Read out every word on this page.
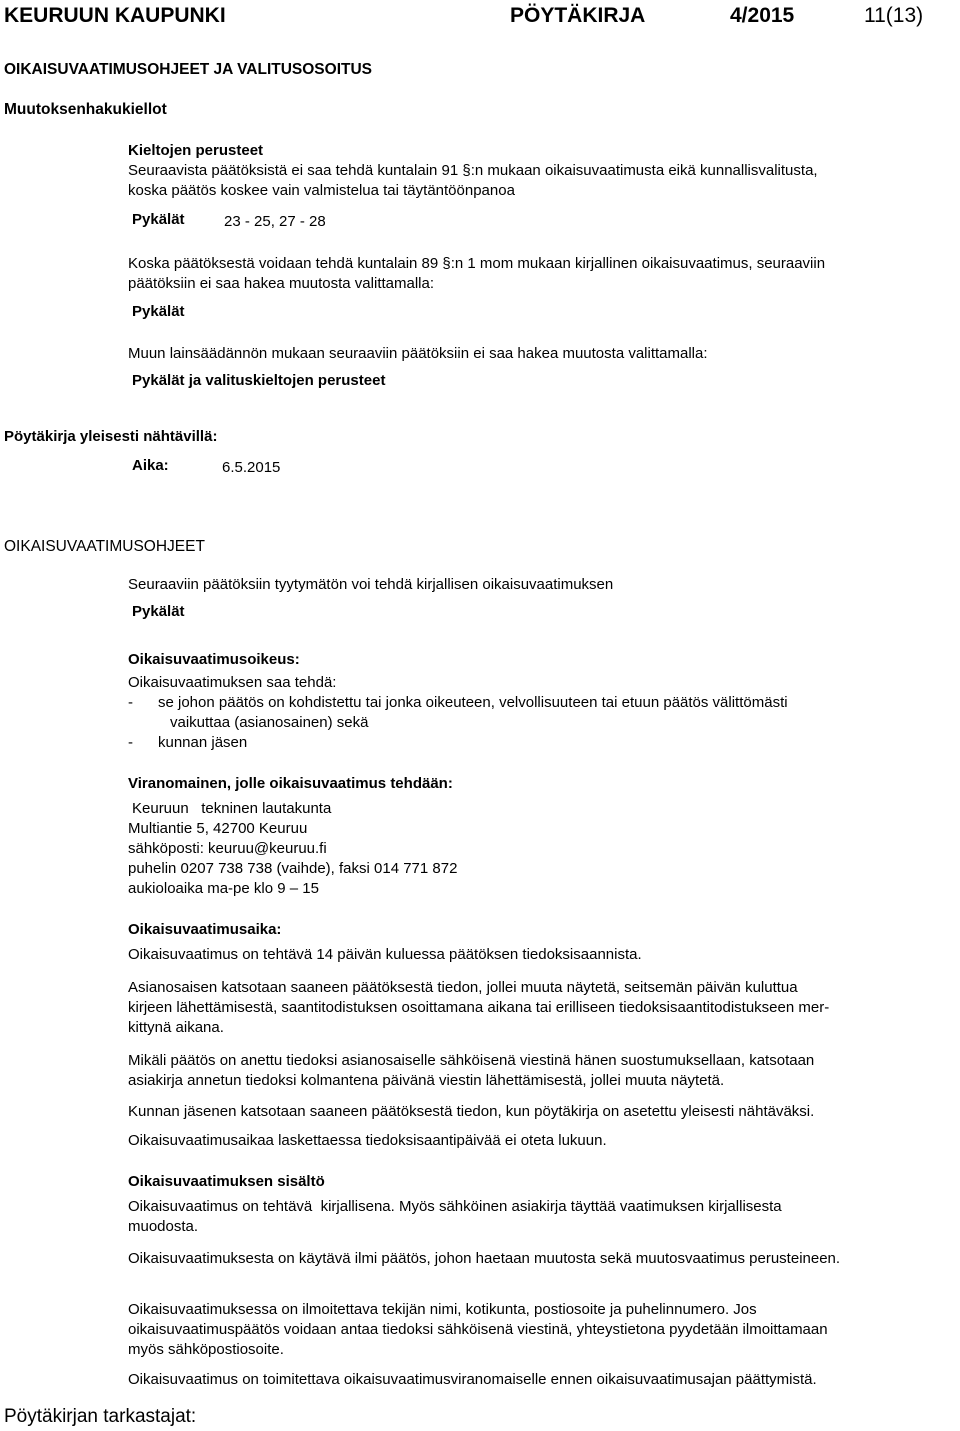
KEURUUN KAUPUNKI	PÖYTÄKIRJA	4/2015	11(13)
OIKAISUVAATIMUSOHJEET JA VALITUSOSOITUS
Muutoksenhakukiellot
Kieltojen perusteet
Seuraavista päätöksistä ei saa tehdä kuntalain 91 §:n mukaan oikaisuvaatimusta eikä kunnallisvalitusta,
koska päätös koskee vain valmistelua tai täytäntöönpanoa
Pykälät	23 - 25, 27 - 28
Koska päätöksestä voidaan tehdä kuntalain 89 §:n 1 mom mukaan kirjallinen oikaisuvaatimus, seuraaviin
päätöksiin ei saa hakea muutosta valittamalla:
Pykälät
Muun lainsäädännön mukaan seuraaviin päätöksiin ei saa hakea muutosta valittamalla:
Pykälät ja valituskieltojen perusteet
Pöytäkirja yleisesti nähtävillä:
Aika:	6.5.2015
OIKAISUVAATIMUSOHJEET
Seuraaviin päätöksiin tyytymätön voi tehdä kirjallisen oikaisuvaatimuksen
Pykälät
Oikaisuvaatimusoikeus:
Oikaisuvaatimuksen saa tehdä:
- se johon päätös on kohdistettu tai jonka oikeuteen, velvollisuuteen tai etuun päätös välittömästi
vaikuttaa (asianosainen) sekä
- kunnan jäsen
Viranomainen, jolle oikaisuvaatimus tehdään:
Keuruun   tekninen lautakunta
Multiantie 5, 42700 Keuruu
sähköposti: keuruu@keuruu.fi
puhelin 0207 738 738 (vaihde), faksi 014 771 872
aukioloaika ma-pe klo 9 – 15
Oikaisuvaatimusaika:
Oikaisuvaatimus on tehtävä 14 päivän kuluessa päätöksen tiedoksisaannista.
Asianosaisen katsotaan saaneen päätöksestä tiedon, jollei muuta näytetä, seitsemän päivän kuluttua
kirjeen lähettämisestä, saantitodistuksen osoittamana aikana tai erilliseen tiedoksisaantitodistukseen mer-
kittynä aikana.
Mikäli päätös on anettu tiedoksi asianosaiselle sähköisenä viestinä hänen suostumuksellaan, katsotaan
asiakirja annetun tiedoksi kolmantena päivänä viestin lähettämisestä, jollei muuta näytetä.
Kunnan jäsenen katsotaan saaneen päätöksestä tiedon, kun pöytäkirja on asetettu yleisesti nähtäväksi.
Oikaisuvaatimusaikaa laskettaessa tiedoksisaantipäivää ei oteta lukuun.
Oikaisuvaatimuksen sisältö
Oikaisuvaatimus on tehtävä  kirjallisena. Myös sähköinen asiakirja täyttää vaatimuksen kirjallisesta
muodosta.
Oikaisuvaatimuksesta on käytävä ilmi päätös, johon haetaan muutosta sekä muutosvaatimus perusteineen.
Oikaisuvaatimuksessa on ilmoitettava tekijän nimi, kotikunta, postiosoite ja puhelinnumero. Jos
oikaisuvaatimuspäätös voidaan antaa tiedoksi sähköisenä viestinä, yhteystietona pyydetään ilmoittamaan
myös sähköpostiosoite.
Oikaisuvaatimus on toimitettava oikaisuvaatimusviranomaiselle ennen oikaisuvaatimusajan päättymistä.
Pöytäkirjan tarkastajat:
